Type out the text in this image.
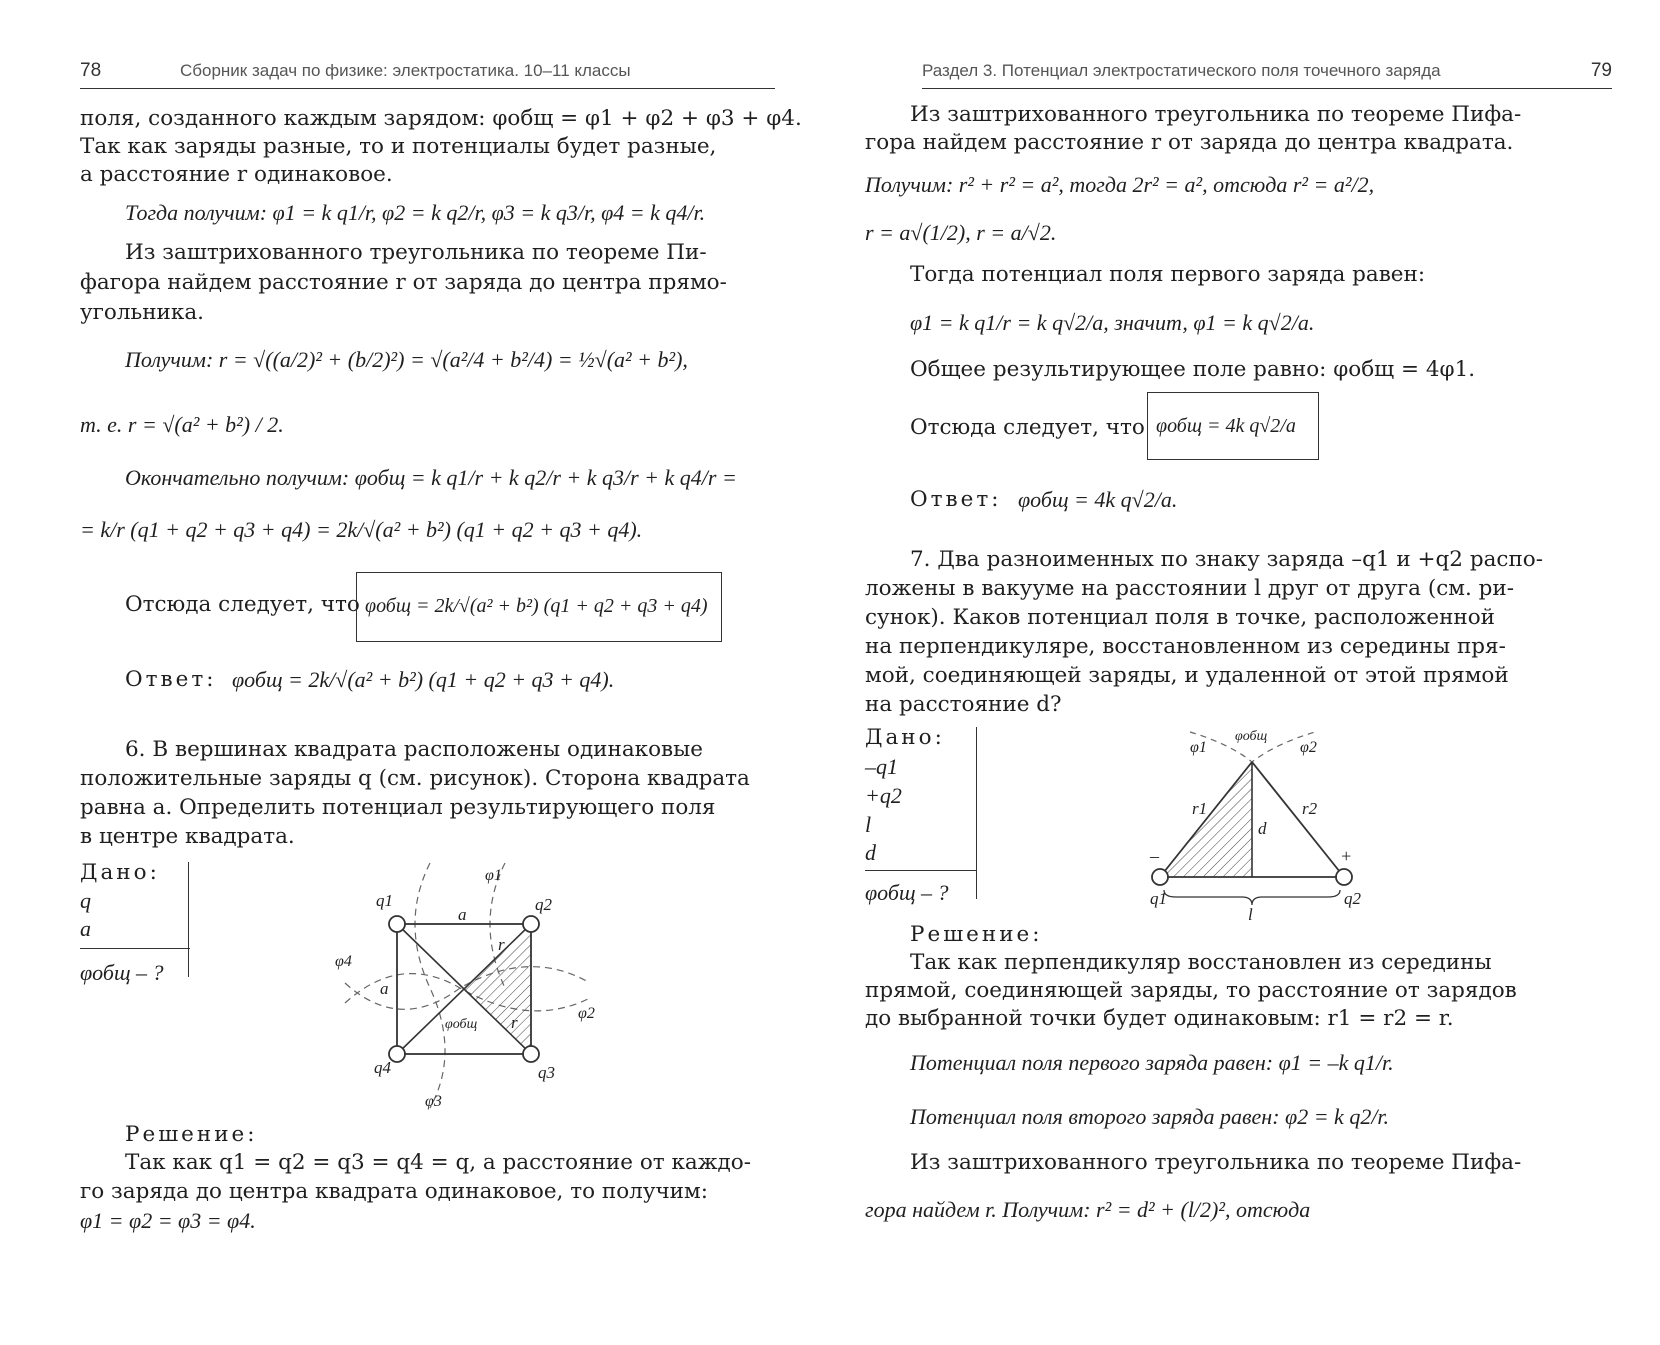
78	Сборник задач по физике: электростатика. 10–11 классы
поля, созданного каждым зарядом: φобщ = φ1 + φ2 + φ3 + φ4.
Так как заряды разные, то и потенциалы будет разные,
а расстояние r одинаковое.
Тогда получим: φ1 = k q1/r, φ2 = k q2/r, φ3 = k q3/r, φ4 = k q4/r.
Из заштрихованного треугольника по теореме Пи-
фагора найдем расстояние r от заряда до центра прямо-
угольника.
Получим: r = √((a/2)² + (b/2)²) = √(a²/4 + b²/4) = ½√(a² + b²),
т. е. r = √(a² + b²) / 2.
Окончательно получим: φобщ = k q1/r + k q2/r + k q3/r + k q4/r =
= k/r (q1 + q2 + q3 + q4) = 2k/√(a² + b²) (q1 + q2 + q3 + q4).
Отсюда следует, что φобщ = 2k/√(a² + b²) (q1 + q2 + q3 + q4)
Ответ: φобщ = 2k/√(a² + b²) (q1 + q2 + q3 + q4).
6. В вершинах квадрата расположены одинаковые
положительные заряды q (см. рисунок). Сторона квадрата
равна a. Определить потенциал результирующего поля
в центре квадрата.
Дано:
q
a
φобщ – ?
q1	q2
q3
q4
φ1
φ2
φ3
φ4
a
a
r
r
φобщ
Решение:
Так как q1 = q2 = q3 = q4 = q, а расстояние от каждо-
го заряда до центра квадрата одинаковое, то получим:
φ1 = φ2 = φ3 = φ4.
Раздел 3. Потенциал электростатического поля точечного заряда	79
Из заштрихованного треугольника по теореме Пифа-
гора найдем расстояние r от заряда до центра квадрата.
Получим: r² + r² = a², тогда 2r² = a², отсюда r² = a²/2,
r = a√(1/2), r = a/√2.
Тогда потенциал поля первого заряда равен:
φ1 = k q1/r = k q√2/a, значит, φ1 = k q√2/a.
Общее результирующее поле равно: φобщ = 4φ1.
Отсюда следует, что φобщ = 4k q√2/a
Ответ: φобщ = 4k q√2/a.
7. Два разноименных по знаку заряда –q1 и +q2 распо-
ложены в вакууме на расстоянии l друг от друга (см. ри-
сунок). Каков потенциал поля в точке, расположенной
на перпендикуляре, восстановленном из середины пря-
мой, соединяющей заряды, и удаленной от этой прямой
на расстояние d?
Дано:
–q1
+q2
l
d
φобщ – ?
φ1
φобщ
φ2
r1	r2
d
–	+
q1	q2
l
Решение:
Так как перпендикуляр восстановлен из середины
прямой, соединяющей заряды, то расстояние от зарядов
до выбранной точки будет одинаковым: r1 = r2 = r.
Потенциал поля первого заряда равен: φ1 = –k q1/r.
Потенциал поля второго заряда равен: φ2 = k q2/r.
Из заштрихованного треугольника по теореме Пифа-
гора найдем r. Получим: r² = d² + (l/2)², отсюда
